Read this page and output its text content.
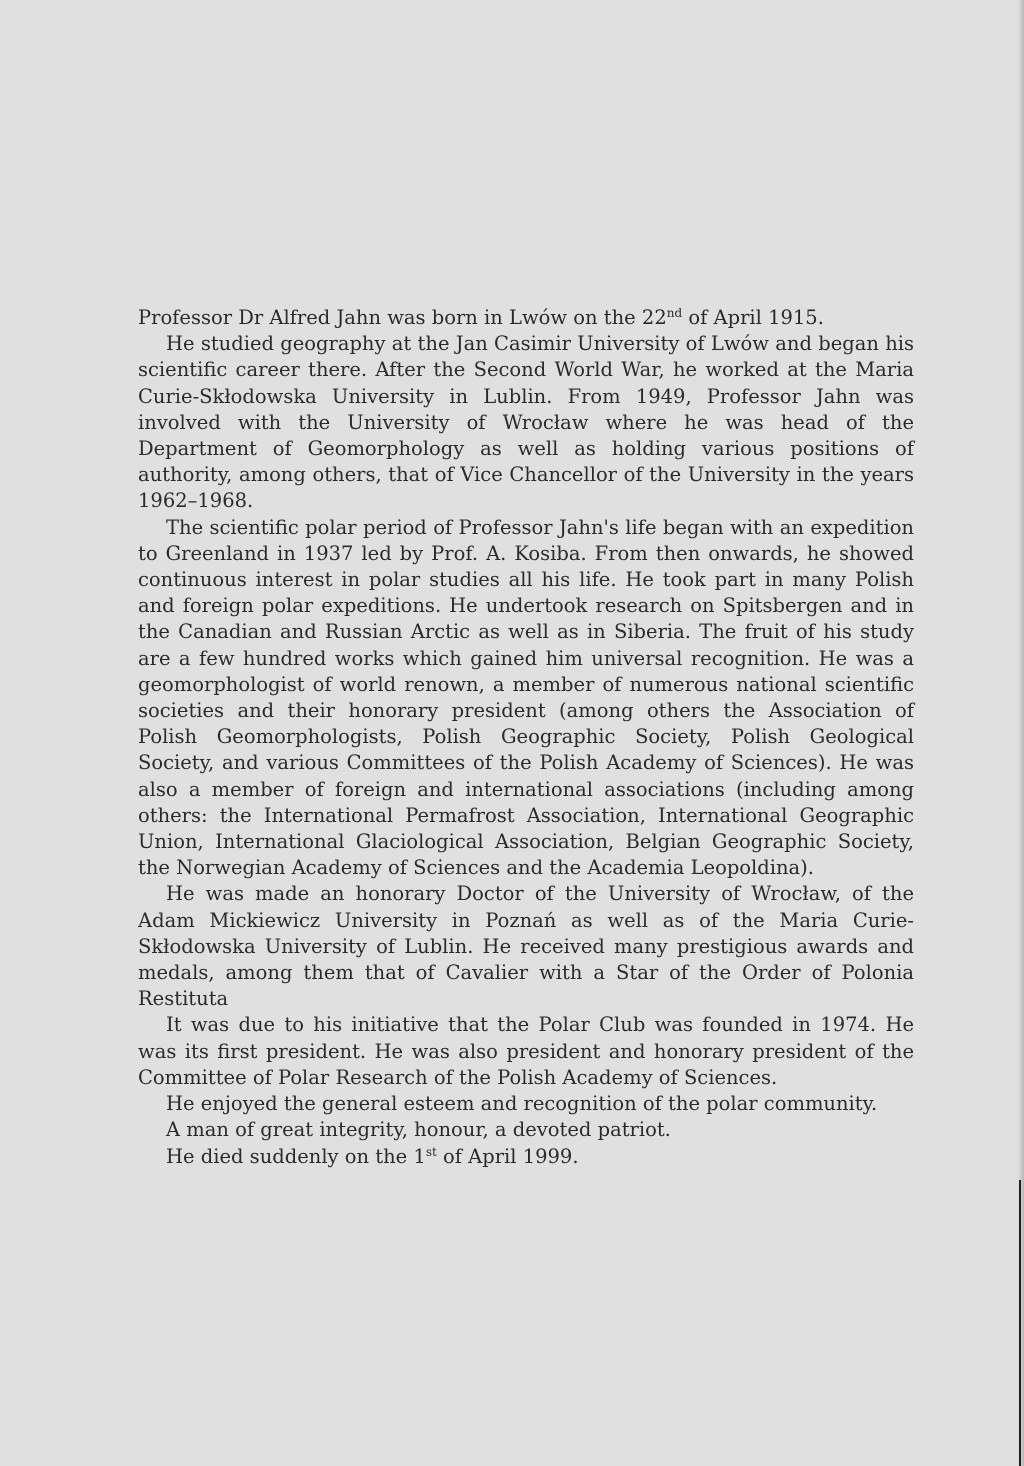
Professor Dr Alfred Jahn was born in Lwów on the 22nd of April 1915.

He studied geography at the Jan Casimir University of Lwów and began his scientific career there. After the Second World War, he worked at the Maria Curie-Skłodowska University in Lublin. From 1949, Professor Jahn was involved with the University of Wrocław where he was head of the Department of Geomorphology as well as holding various positions of authority, among others, that of Vice Chancellor of the University in the years 1962–1968.

The scientific polar period of Professor Jahn's life began with an expedition to Greenland in 1937 led by Prof. A. Kosiba. From then onwards, he showed continuous interest in polar studies all his life. He took part in many Polish and foreign polar expeditions. He undertook research on Spitsbergen and in the Canadian and Russian Arctic as well as in Siberia. The fruit of his study are a few hundred works which gained him universal recognition. He was a geomorphologist of world renown, a member of numerous national scientific societies and their honorary president (among others the Association of Polish Geomorphologists, Polish Geographic Society, Polish Geological Society, and various Committees of the Polish Academy of Sciences). He was also a member of foreign and international associations (including among others: the International Permafrost Association, International Geographic Union, International Glaciological Association, Belgian Geographic Society, the Norwegian Academy of Sciences and the Academia Leopoldina).

He was made an honorary Doctor of the University of Wrocław, of the Adam Mickiewicz University in Poznań as well as of the Maria Curie-Skłodowska University of Lublin. He received many prestigious awards and medals, among them that of Cavalier with a Star of the Order of Polonia Restituta

It was due to his initiative that the Polar Club was founded in 1974. He was its first president. He was also president and honorary president of the Committee of Polar Research of the Polish Academy of Sciences.

He enjoyed the general esteem and recognition of the polar community.

A man of great integrity, honour, a devoted patriot.

He died suddenly on the 1st of April 1999.
